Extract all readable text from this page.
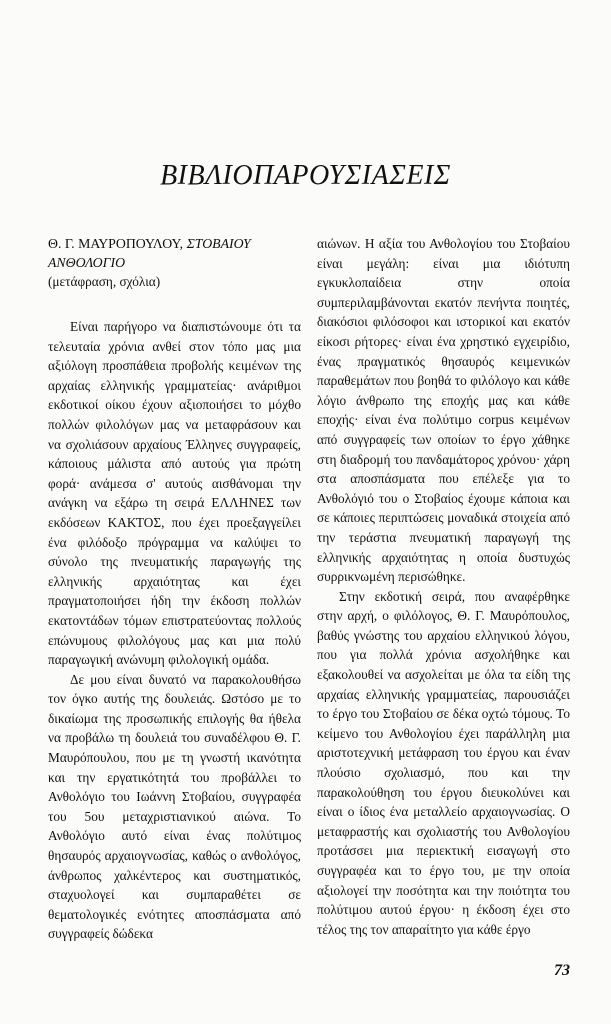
ΒΙΒΛΙΟΠΑΡΟΥΣΙΑΣΕΙΣ
Θ. Γ. ΜΑΥΡΟΠΟΥΛΟΥ, ΣΤΟΒΑΙΟΥ
ΑΝΘΟΛΟΓΙΟ
(μετάφραση, σχόλια)

Είναι παρήγορο να διαπιστώνουμε ότι τα τελευταία χρόνια ανθεί στον τόπο μας μια αξιόλογη προσπάθεια προβολής κειμένων της αρχαίας ελληνικής γραμματείας· ανάριθμοι εκδοτικοί οίκου έχουν αξιοποιήσει το μόχθο πολλών φιλολόγων μας να μεταφράσουν και να σχολιάσουν αρχαίους Έλληνες συγγραφείς, κάποιους μάλιστα από αυτούς για πρώτη φορά· ανάμεσα σ' αυτούς αισθάνομαι την ανάγκη να εξάρω τη σειρά ΕΛΛΗΝΕΣ των εκδόσεων ΚΑΚΤΟΣ, που έχει προεξαγγείλει ένα φιλόδοξο πρόγραμμα να καλύψει το σύνολο της πνευματικής παραγωγής της ελληνικής αρχαιότητας και έχει πραγματοποιήσει ήδη την έκδοση πολλών εκατοντάδων τόμων επιστρατεύοντας πολλούς επώνυμους φιλολόγους μας και μια πολύ παραγωγική ανώνυμη φιλολογική ομάδα.

Δε μου είναι δυνατό να παρακολουθήσω τον όγκο αυτής της δουλειάς. Ωστόσο με το δικαίωμα της προσωπικής επιλογής θα ήθελα να προβάλω τη δουλειά του συναδέλφου Θ. Γ. Μαυρόπουλου, που με τη γνωστή ικανότητα και την εργατικότητά του προβάλλει το Ανθολόγιο του Ιωάννη Στοβαίου, συγγραφέα του 5ου μεταχριστιανικού αιώνα. Το Ανθολόγιο αυτό είναι ένας πολύτιμος θησαυρός αρχαιογνωσίας, καθώς ο ανθολόγος, άνθρωπος χαλκέντερος και συστηματικός, σταχυολογεί και συμπαραθέτει σε θεματολογικές ενότητες αποσπάσματα από συγγραφείς δώδεκα

αιώνων. Η αξία του Ανθολογίου του Στοβαίου είναι μεγάλη: είναι μια ιδιότυπη εγκυκλοπαίδεια στην οποία συμπεριλαμβάνονται εκατόν πενήντα ποιητές, διακόσιοι φιλόσοφοι και ιστορικοί και εκατόν είκοσι ρήτορες· είναι ένα χρηστικό εγχειρίδιο, ένας πραγματικός θησαυρός κειμενικών παραθεμάτων που βοηθά το φιλόλογο και κάθε λόγιο άνθρωπο της εποχής μας και κάθε εποχής· είναι ένα πολύτιμο corpus κειμένων από συγγραφείς των οποίων το έργο χάθηκε στη διαδρομή του πανδαμάτορος χρόνου· χάρη στα αποσπάσματα που επέλεξε για το Ανθολόγιό του ο Στοβαίος έχουμε κάποια και σε κάποιες περιπτώσεις μοναδικά στοιχεία από την τεράστια πνευματική παραγωγή της ελληνικής αρχαιότητας η οποία δυστυχώς συρρικνωμένη περισώθηκε.

Στην εκδοτική σειρά, που αναφέρθηκε στην αρχή, ο φιλόλογος, Θ. Γ. Μαυρόπουλος, βαθύς γνώστης του αρχαίου ελληνικού λόγου, που για πολλά χρόνια ασχολήθηκε και εξακολουθεί να ασχολείται με όλα τα είδη της αρχαίας ελληνικής γραμματείας, παρουσιάζει το έργο του Στοβαίου σε δέκα οχτώ τόμους. Το κείμενο του Ανθολογίου έχει παράλληλη μια αριστοτεχνική μετάφραση του έργου και έναν πλούσιο σχολιασμό, που και την παρακολούθηση του έργου διευκολύνει και είναι ο ίδιος ένα μεταλλείο αρχαιογνωσίας. Ο μεταφραστής και σχολιαστής του Ανθολογίου προτάσσει μια περιεκτική εισαγωγή στο συγγραφέα και το έργο του, με την οποία αξιολογεί την ποσότητα και την ποιότητα του πολύτιμου αυτού έργου· η έκδοση έχει στο τέλος της τον απαραίτητο για κάθε έργο

73
